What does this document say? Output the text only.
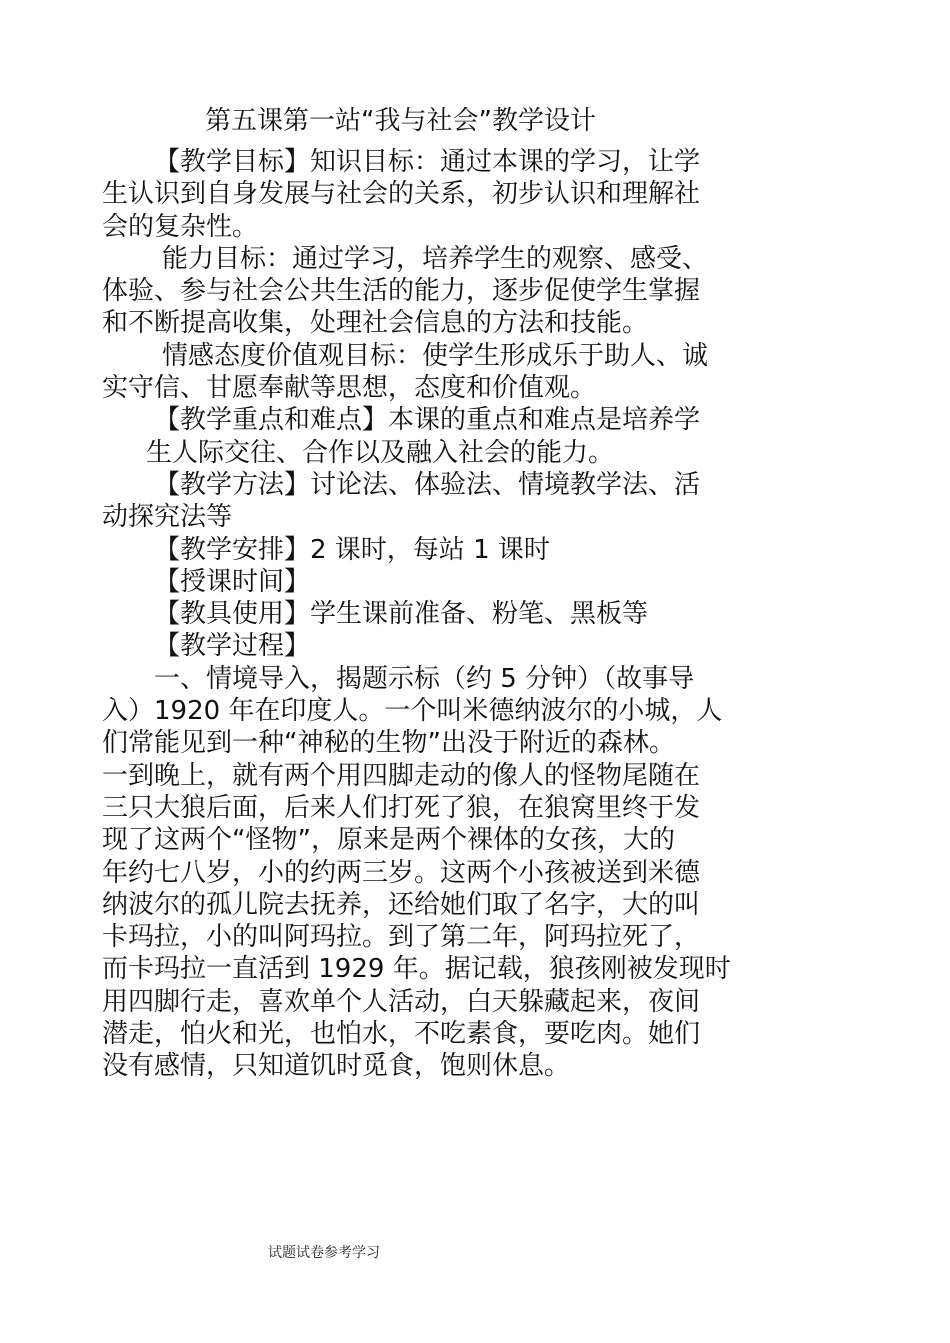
第五课第一站“我与社会”教学设计
【教学目标】知识目标：通过本课的学习，让学
生认识到自身发展与社会的关系，初步认识和理解社
会的复杂性。
能力目标：通过学习，培养学生的观察、感受、
体验、参与社会公共生活的能力，逐步促使学生掌握
和不断提高收集，处理社会信息的方法和技能。
情感态度价值观目标：使学生形成乐于助人、诚
实守信、甘愿奉献等思想，态度和价值观。
【教学重点和难点】本课的重点和难点是培养学
生人际交往、合作以及融入社会的能力。
【教学方法】讨论法、体验法、情境教学法、活
动探究法等
【教学安排】2 课时，每站 1 课时
【授课时间】
【教具使用】学生课前准备、粉笔、黑板等
【教学过程】
一、情境导入，揭题示标（约 5 分钟）（故事导
入）1920 年在印度人。一个叫米德纳波尔的小城，人
们常能见到一种“神秘的生物”出没于附近的森林。
一到晚上，就有两个用四脚走动的像人的怪物尾随在
三只大狼后面，后来人们打死了狼，在狼窝里终于发
现了这两个“怪物”，原来是两个裸体的女孩，大的
年约七八岁，小的约两三岁。这两个小孩被送到米德
纳波尔的孤儿院去抚养，还给她们取了名字，大的叫
卡玛拉，小的叫阿玛拉。到了第二年，阿玛拉死了，
而卡玛拉一直活到 1929 年。据记载，狼孩刚被发现时
用四脚行走，喜欢单个人活动，白天躲藏起来，夜间
潜走，怕火和光，也怕水，不吃素食，要吃肉。她们
没有感情，只知道饥时觅食，饱则休息。
试题试卷参考学习
